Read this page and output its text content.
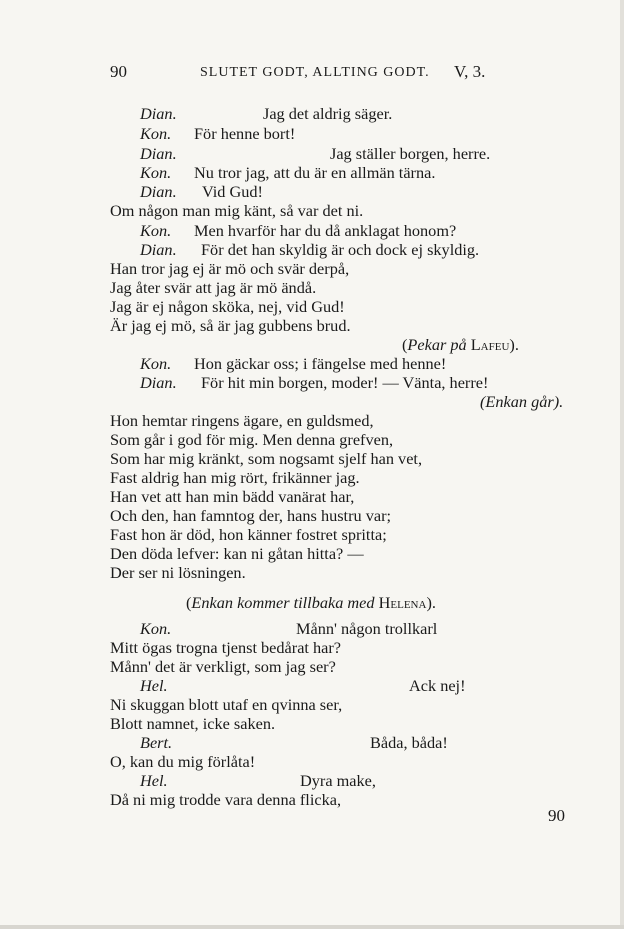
90	SLUTET GODT, ALLTING GODT. V, 3.
Dian.	Jag det aldrig säger.
Kon. För henne bort!
Dian.	Jag ställer borgen, herre.
Kon. Nu tror jag, att du är en allmän tärna.
Dian. Vid Gud!
Om någon man mig känt, så var det ni.
Kon. Men hvarför har du då anklagat honom?
Dian. För det han skyldig är och dock ej skyldig.
Han tror jag ej är mö och svär derpå,
Jag åter svär att jag är mö ändå.
Jag är ej någon sköka, nej, vid Gud!
Är jag ej mö, så är jag gubbens brud.
(Pekar på Lafeu).
Kon. Hon gäckar oss; i fängelse med henne!
Dian. För hit min borgen, moder! — Vänta, herre!
(Enkan går).
Hon hemtar ringens ägare, en guldsmed,
Som går i god för mig. Men denna grefven,
Som har mig kränkt, som nogsamt sjelf han vet,
Fast aldrig han mig rört, frikänner jag.
Han vet att han min bädd vanärat har,
Och den, han famntog der, hans hustru var;
Fast hon är död, hon känner fostret spritta;
Den döda lefver: kan ni gåtan hitta? —
Der ser ni lösningen.
(Enkan kommer tillbaka med Helena).
Kon.	Månn' någon trollkarl
Mitt ögas trogna tjenst bedårat har?
Månn' det är verkligt, som jag ser?
Hel.	Ack nej!
Ni skuggan blott utaf en qvinna ser,
Blott namnet, icke saken.
Bert.	Båda, båda!
O, kan du mig förlåta!
Hel.	Dyra make,
Då ni mig trodde vara denna flicka,
90
